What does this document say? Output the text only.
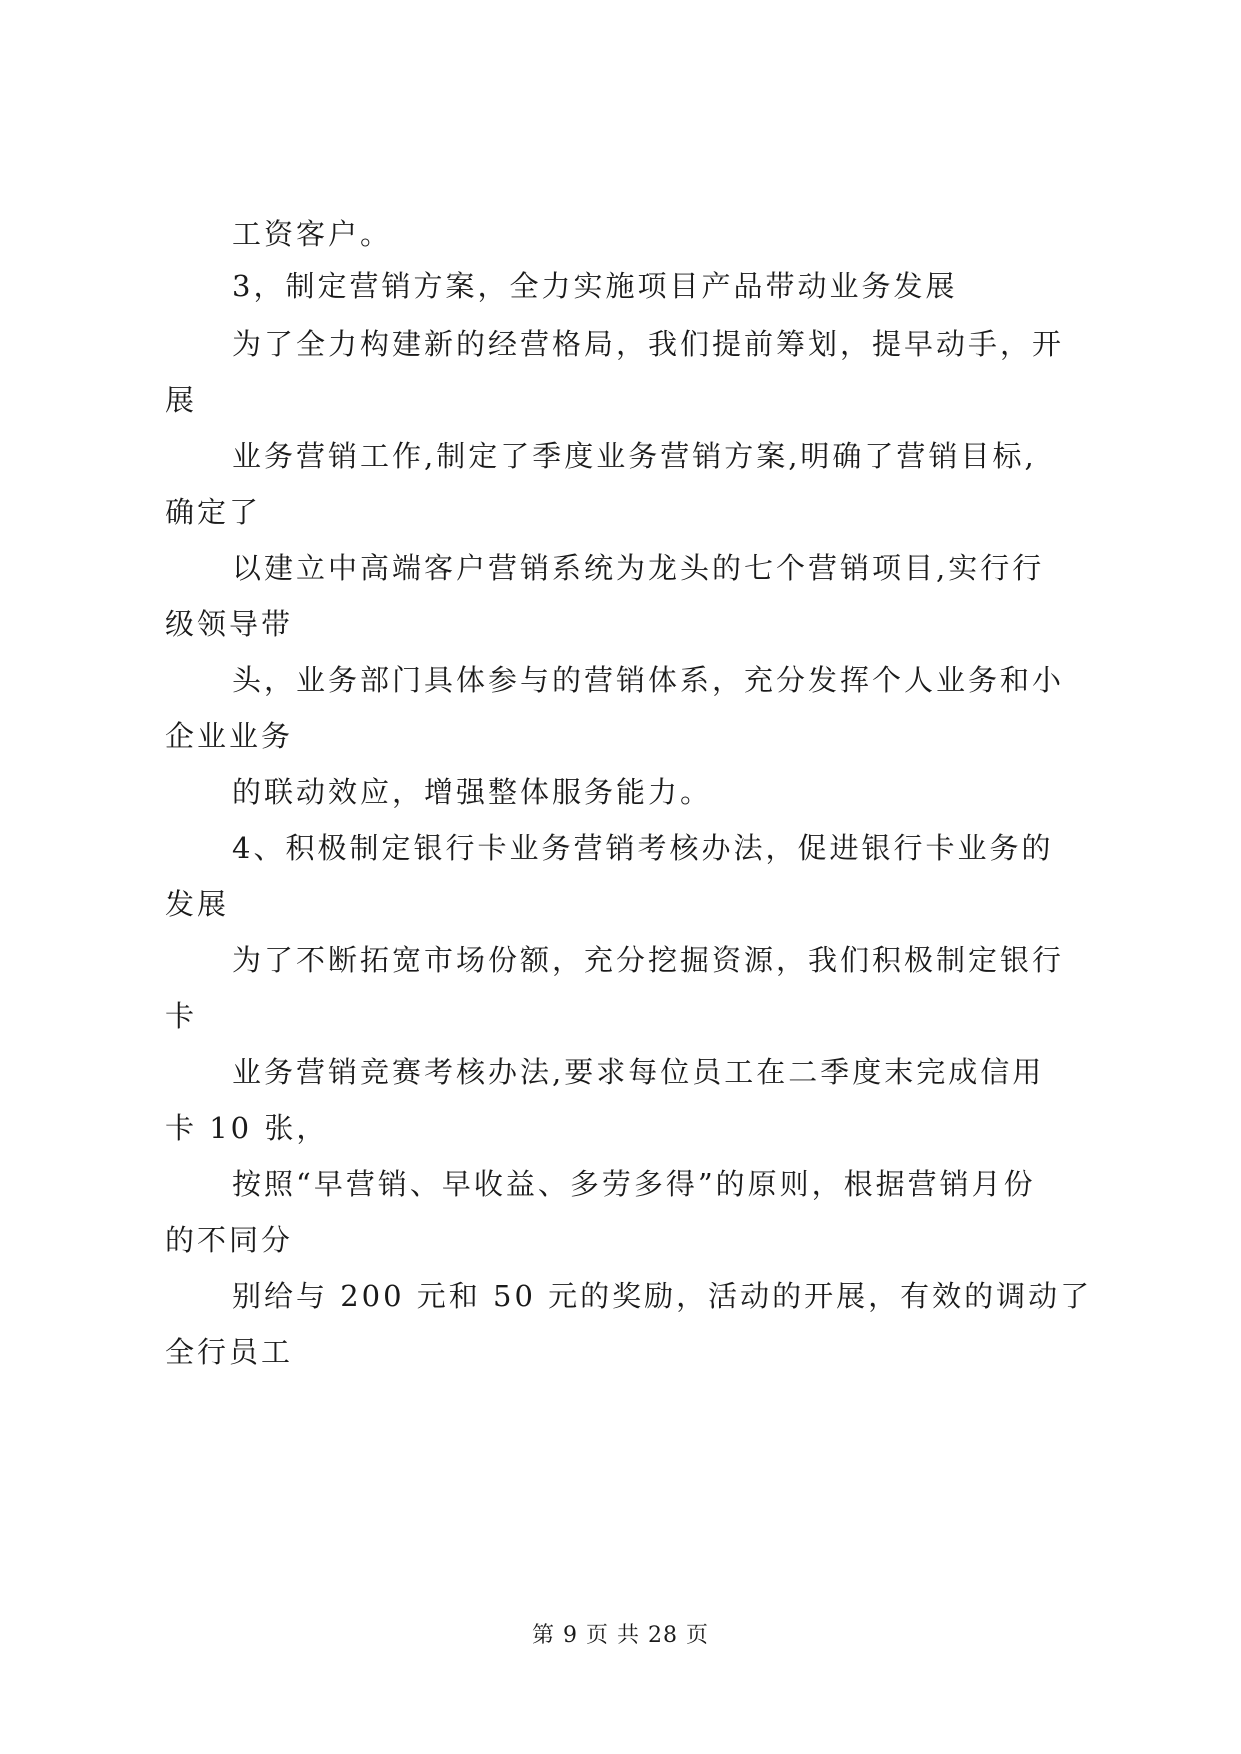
工资客户。
3，制定营销方案，全力实施项目产品带动业务发展
为了全力构建新的经营格局，我们提前筹划，提早动手，开
展
业务营销工作,制定了季度业务营销方案,明确了营销目标,
确定了
以建立中高端客户营销系统为龙头的七个营销项目,实行行
级领导带
头，业务部门具体参与的营销体系，充分发挥个人业务和小
企业业务
的联动效应，增强整体服务能力。
4、积极制定银行卡业务营销考核办法，促进银行卡业务的
发展
为了不断拓宽市场份额，充分挖掘资源，我们积极制定银行
卡
业务营销竞赛考核办法,要求每位员工在二季度末完成信用
卡 10 张，
按照“早营销、早收益、多劳多得”的原则，根据营销月份
的不同分
别给与 200 元和 50 元的奖励，活动的开展，有效的调动了
全行员工
第 9 页 共 28 页
